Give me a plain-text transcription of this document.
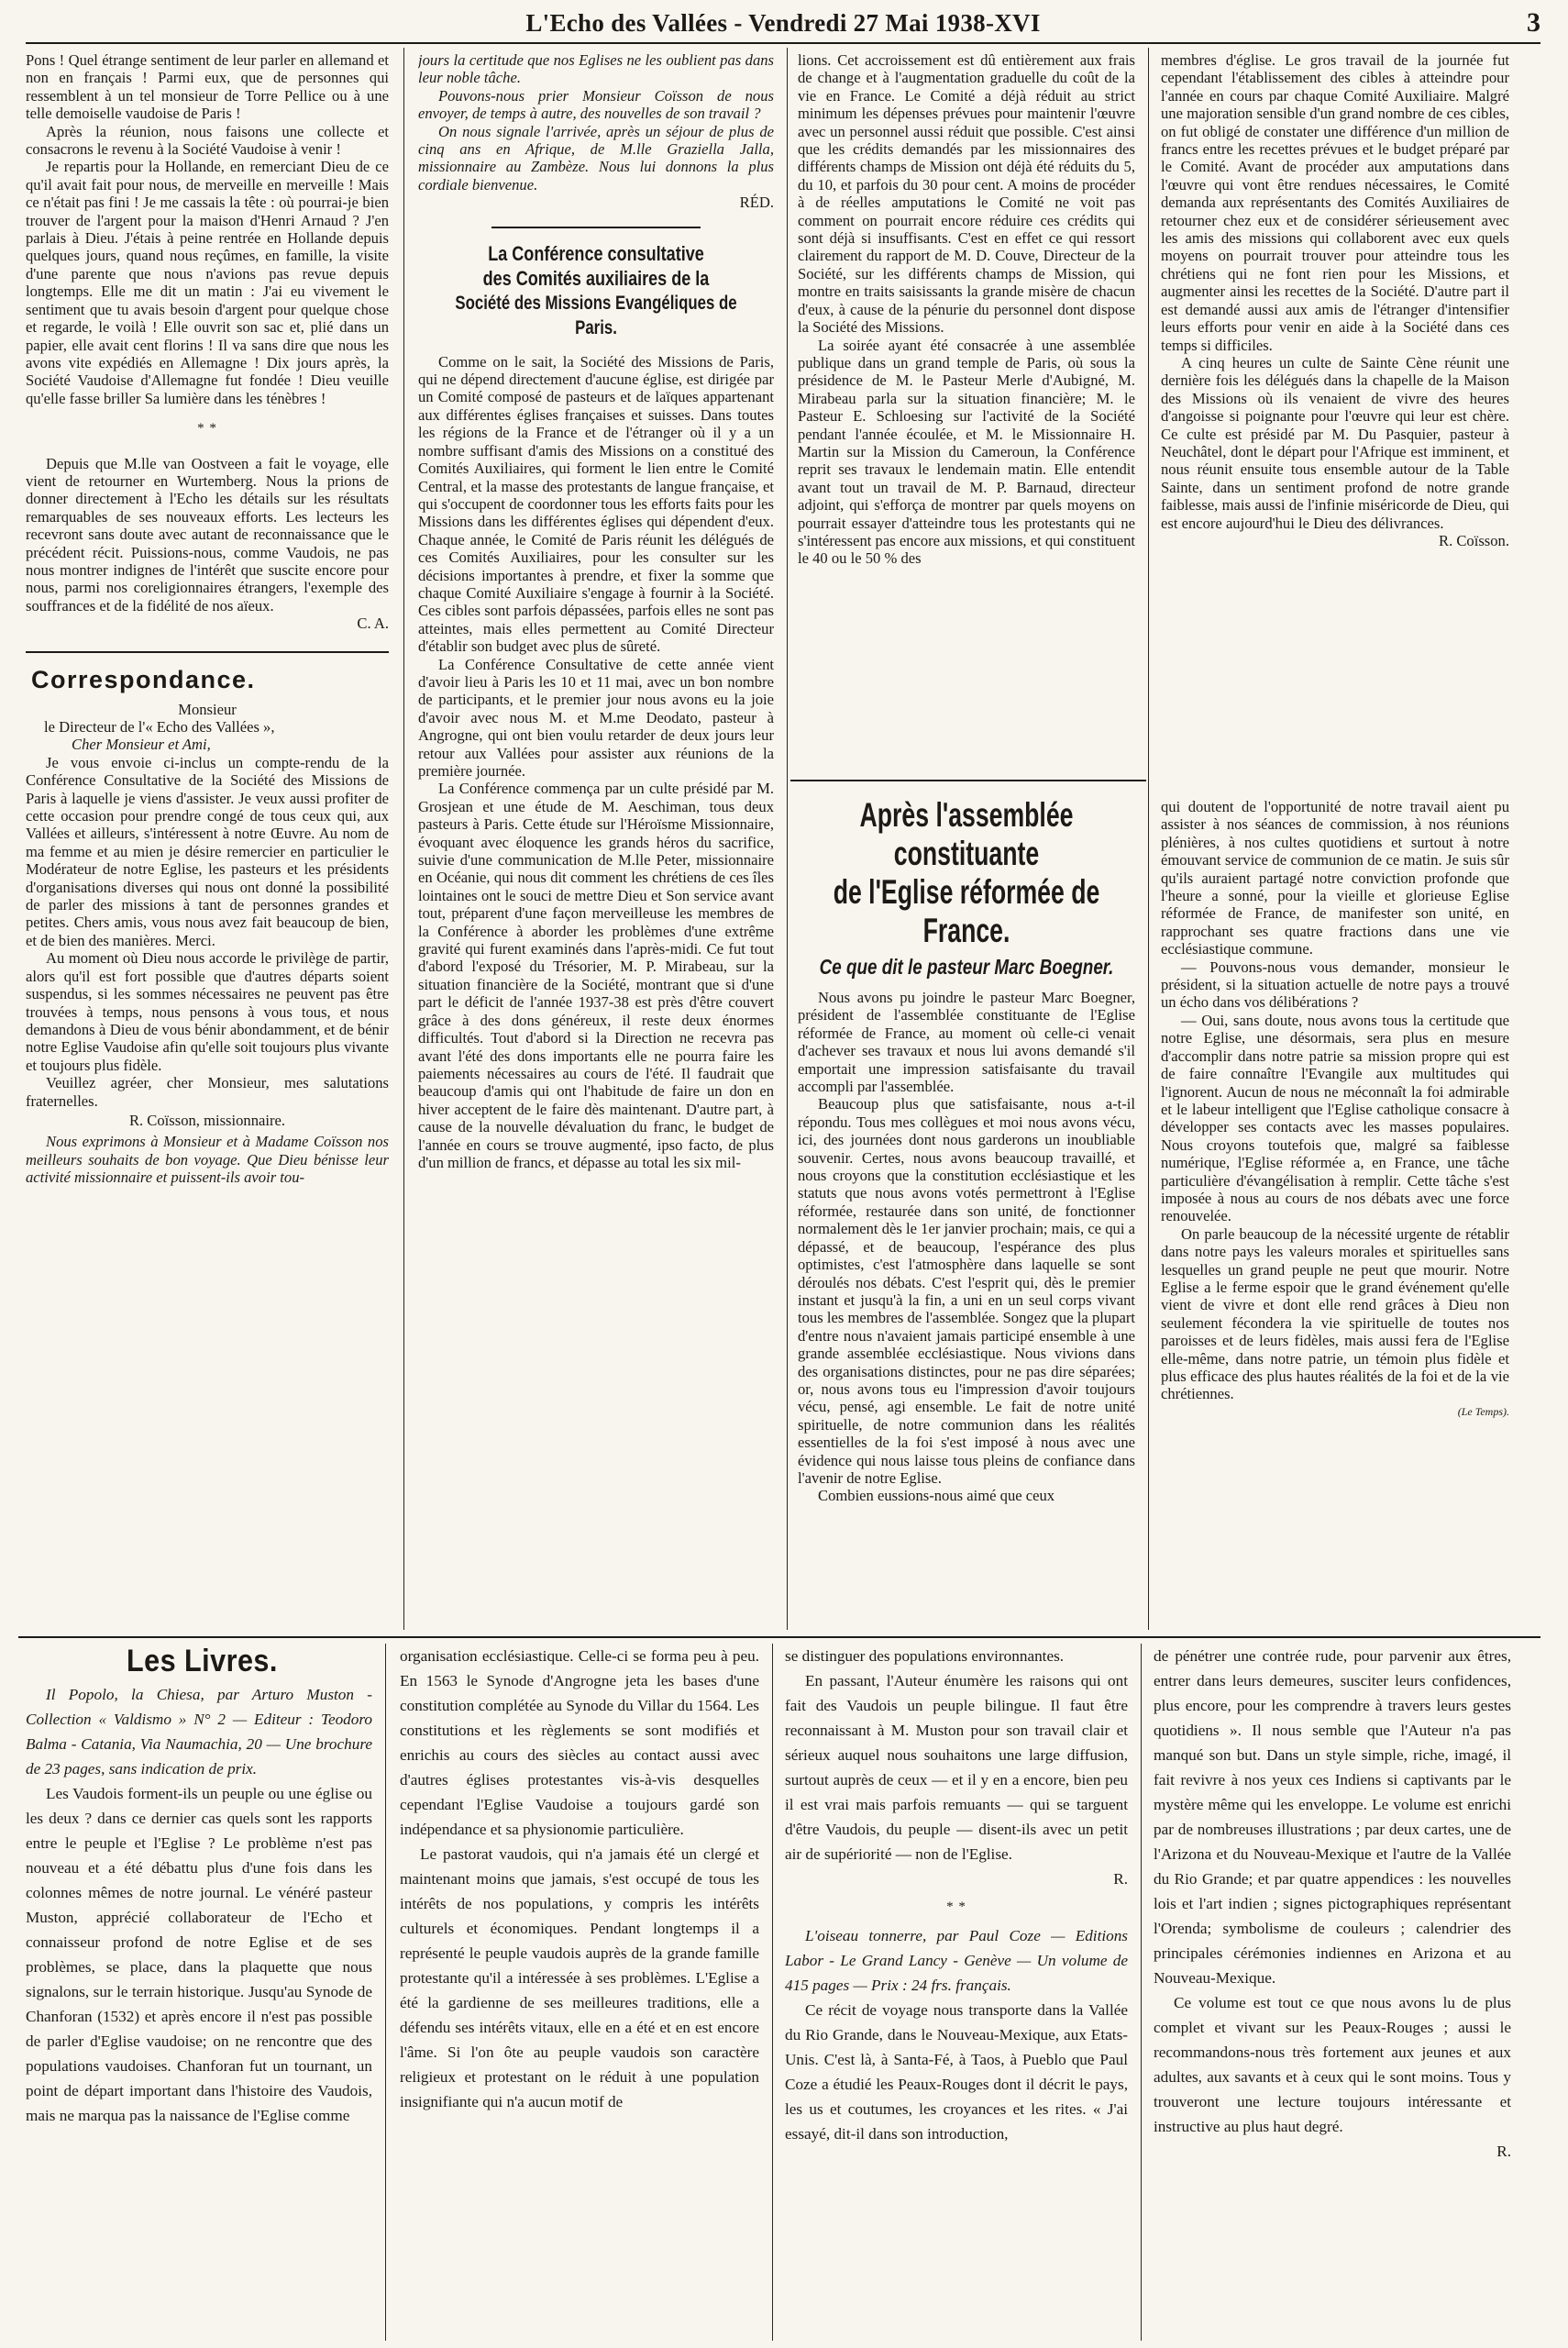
L'Echo des Vallées - Vendredi 27 Mai 1938-XVI	3

Pons ! Quel étrange sentiment de leur parler en allemand et non en français ! Parmi eux, que de personnes qui ressemblent à un tel monsieur de Torre Pellice ou à une telle demoiselle vaudoise de Paris !

Après la réunion, nous faisons une collecte et consacrons le revenu à la Société Vaudoise à venir !

Je repartis pour la Hollande, en remerciant Dieu de ce qu'il avait fait pour nous, de merveille en merveille ! Mais ce n'était pas fini ! Je me cassais la tête : où pourrai-je bien trouver de l'argent pour la maison d'Henri Arnaud ? J'en parlais à Dieu. J'étais à peine rentrée en Hollande depuis quelques jours, quand nous reçûmes, en famille, la visite d'une parente que nous n'avions pas revue depuis longtemps. Elle me dit un matin : J'ai eu vivement le sentiment que tu avais besoin d'argent pour quelque chose et regarde, le voilà ! Elle ouvrit son sac et, plié dans un papier, elle avait cent florins ! Il va sans dire que nous les avons vite expédiés en Allemagne ! Dix jours après, la Société Vaudoise d'Allemagne fut fondée ! Dieu veuille qu'elle fasse briller Sa lumière dans les ténèbres !

* *

Depuis que M.lle van Oostveen a fait le voyage, elle vient de retourner en Wurtemberg. Nous la prions de donner directement à l'Echo les détails sur les résultats remarquables de ses nouveaux efforts. Les lecteurs les recevront sans doute avec autant de reconnaissance que le précédent récit. Puissions-nous, comme Vaudois, ne pas nous montrer indignes de l'intérêt que suscite encore pour nous, parmi nos coreligionnaires étrangers, l'exemple des souffrances et de la fidélité de nos aïeux.

C. A.

Correspondance.

Monsieur

le Directeur de l'« Echo des Vallées »,

Cher Monsieur et Ami,

Je vous envoie ci-inclus un compte-rendu de la Conférence Consultative de la Société des Missions de Paris à laquelle je viens d'assister. Je veux aussi profiter de cette occasion pour prendre congé de tous ceux qui, aux Vallées et ailleurs, s'intéressent à notre Œuvre. Au nom de ma femme et au mien je désire remercier en particulier le Modérateur de notre Eglise, les pasteurs et les présidents d'organisations diverses qui nous ont donné la possibilité de parler des missions à tant de personnes grandes et petites. Chers amis, vous nous avez fait beaucoup de bien, et de bien des manières. Merci.

Au moment où Dieu nous accorde le privilège de partir, alors qu'il est fort possible que d'autres départs soient suspendus, si les sommes nécessaires ne peuvent pas être trouvées à temps, nous pensons à vous tous, et nous demandons à Dieu de vous bénir abondamment, et de bénir notre Eglise Vaudoise afin qu'elle soit toujours plus vivante et toujours plus fidèle.

Veuillez agréer, cher Monsieur, mes salutations fraternelles.

R. Coïsson, missionnaire.

Nous exprimons à Monsieur et à Madame Coïsson nos meilleurs souhaits de bon voyage. Que Dieu bénisse leur activité missionnaire et puissent-ils avoir tou-

jours la certitude que nos Eglises ne les oublient pas dans leur noble tâche.

Pouvons-nous prier Monsieur Coïsson de nous envoyer, de temps à autre, des nouvelles de son travail ?

On nous signale l'arrivée, après un séjour de plus de cinq ans en Afrique, de M.lle Graziella Jalla, missionnaire au Zambèze. Nous lui donnons la plus cordiale bienvenue.

RÉD.

La Conférence consultative
des Comités auxiliaires de la
Société des Missions Evangéliques de Paris.

Comme on le sait, la Société des Missions de Paris, qui ne dépend directement d'aucune église, est dirigée par un Comité composé de pasteurs et de laïques appartenant aux différentes églises françaises et suisses. Dans toutes les régions de la France et de l'étranger où il y a un nombre suffisant d'amis des Missions on a constitué des Comités Auxiliaires, qui forment le lien entre le Comité Central, et la masse des protestants de langue française, et qui s'occupent de coordonner tous les efforts faits pour les Missions dans les différentes églises qui dépendent d'eux. Chaque année, le Comité de Paris réunit les délégués de ces Comités Auxiliaires, pour les consulter sur les décisions importantes à prendre, et fixer la somme que chaque Comité Auxiliaire s'engage à fournir à la Société. Ces cibles sont parfois dépassées, parfois elles ne sont pas atteintes, mais elles permettent au Comité Directeur d'établir son budget avec plus de sûreté.

La Conférence Consultative de cette année vient d'avoir lieu à Paris les 10 et 11 mai, avec un bon nombre de participants, et le premier jour nous avons eu la joie d'avoir avec nous M. et M.me Deodato, pasteur à Angrogne, qui ont bien voulu retarder de deux jours leur retour aux Vallées pour assister aux réunions de la première journée.

La Conférence commença par un culte présidé par M. Grosjean et une étude de M. Aeschiman, tous deux pasteurs à Paris. Cette étude sur l'Héroïsme Missionnaire, évoquant avec éloquence les grands héros du sacrifice, suivie d'une communication de M.lle Peter, missionnaire en Océanie, qui nous dit comment les chrétiens de ces îles lointaines ont le souci de mettre Dieu et Son service avant tout, préparent d'une façon merveilleuse les membres de la Conférence à aborder les problèmes d'une extrême gravité qui furent examinés dans l'après-midi. Ce fut tout d'abord l'exposé du Trésorier, M. P. Mirabeau, sur la situation financière de la Société, montrant que si d'une part le déficit de l'année 1937-38 est près d'être couvert grâce à des dons généreux, il reste deux énormes difficultés. Tout d'abord si la Direction ne recevra pas avant l'été des dons importants elle ne pourra faire les paiements nécessaires au cours de l'été. Il faudrait que beaucoup d'amis qui ont l'habitude de faire un don en hiver acceptent de le faire dès maintenant. D'autre part, à cause de la nouvelle dévaluation du franc, le budget de l'année en cours se trouve augmenté, ipso facto, de plus d'un million de francs, et dépasse au total les six mil-

lions. Cet accroissement est dû entièrement aux frais de change et à l'augmentation graduelle du coût de la vie en France. Le Comité a déjà réduit au strict minimum les dépenses prévues pour maintenir l'œuvre avec un personnel aussi réduit que possible. C'est ainsi que les crédits demandés par les missionnaires des différents champs de Mission ont déjà été réduits du 5, du 10, et parfois du 30 pour cent. A moins de procéder à de réelles amputations le Comité ne voit pas comment on pourrait encore réduire ces crédits qui sont déjà si insuffisants. C'est en effet ce qui ressort clairement du rapport de M. D. Couve, Directeur de la Société, sur les différents champs de Mission, qui montre en traits saisissants la grande misère de chacun d'eux, à cause de la pénurie du personnel dont dispose la Société des Missions.

La soirée ayant été consacrée à une assemblée publique dans un grand temple de Paris, où sous la présidence de M. le Pasteur Merle d'Aubigné, M. Mirabeau parla sur la situation financière; M. le Pasteur E. Schloesing sur l'activité de la Société pendant l'année écoulée, et M. le Missionnaire H. Martin sur la Mission du Cameroun, la Conférence reprit ses travaux le lendemain matin. Elle entendit avant tout un travail de M. P. Barnaud, directeur adjoint, qui s'efforça de montrer par quels moyens on pourrait essayer d'atteindre tous les protestants qui ne s'intéressent pas encore aux missions, et qui constituent le 40 ou le 50 % des

membres d'église. Le gros travail de la journée fut cependant l'établissement des cibles à atteindre pour l'année en cours par chaque Comité Auxiliaire. Malgré une majoration sensible d'un grand nombre de ces cibles, on fut obligé de constater une différence d'un million de francs entre les recettes prévues et le budget préparé par le Comité. Avant de procéder aux amputations dans l'œuvre qui vont être rendues nécessaires, le Comité demanda aux représentants des Comités Auxiliaires de retourner chez eux et de considérer sérieusement avec les amis des missions qui collaborent avec eux quels moyens on pourrait trouver pour atteindre tous les chrétiens qui ne font rien pour les Missions, et augmenter ainsi les recettes de la Société. D'autre part il est demandé aussi aux amis de l'étranger d'intensifier leurs efforts pour venir en aide à la Société dans ces temps si difficiles.

A cinq heures un culte de Sainte Cène réunit une dernière fois les délégués dans la chapelle de la Maison des Missions où ils venaient de vivre des heures d'angoisse si poignante pour l'œuvre qui leur est chère. Ce culte est présidé par M. Du Pasquier, pasteur à Neuchâtel, dont le départ pour l'Afrique est imminent, et nous réunit ensuite tous ensemble autour de la Table Sainte, dans un sentiment profond de notre grande faiblesse, mais aussi de l'infinie miséricorde de Dieu, qui est encore aujourd'hui le Dieu des délivrances.

R. Coïsson.

Après l'assemblée constituante
de l'Eglise réformée de France.
Ce que dit le pasteur Marc Boegner.

Nous avons pu joindre le pasteur Marc Boegner, président de l'assemblée constituante de l'Eglise réformée de France, au moment où celle-ci venait d'achever ses travaux et nous lui avons demandé s'il emportait une impression satisfaisante du travail accompli par l'assemblée.

Beaucoup plus que satisfaisante, nous a-t-il répondu. Tous mes collègues et moi nous avons vécu, ici, des journées dont nous garderons un inoubliable souvenir. Certes, nous avons beaucoup travaillé, et nous croyons que la constitution ecclésiastique et les statuts que nous avons votés permettront à l'Eglise réformée, restaurée dans son unité, de fonctionner normalement dès le 1er janvier prochain; mais, ce qui a dépassé, et de beaucoup, l'espérance des plus optimistes, c'est l'atmosphère dans laquelle se sont déroulés nos débats. C'est l'esprit qui, dès le premier instant et jusqu'à la fin, a uni en un seul corps vivant tous les membres de l'assemblée. Songez que la plupart d'entre nous n'avaient jamais participé ensemble à une grande assemblée ecclésiastique. Nous vivions dans des organisations distinctes, pour ne pas dire séparées; or, nous avons tous eu l'impression d'avoir toujours vécu, pensé, agi ensemble. Le fait de notre unité spirituelle, de notre communion dans les réalités essentielles de la foi s'est imposé à nous avec une évidence qui nous laisse tous pleins de confiance dans l'avenir de notre Eglise.

Combien eussions-nous aimé que ceux

qui doutent de l'opportunité de notre travail aient pu assister à nos séances de commission, à nos réunions plénières, à nos cultes quotidiens et surtout à notre émouvant service de communion de ce matin. Je suis sûr qu'ils auraient partagé notre conviction profonde que l'heure a sonné, pour la vieille et glorieuse Eglise réformée de France, de manifester son unité, en rapprochant ses quatre fractions dans une vie ecclésiastique commune.

— Pouvons-nous vous demander, monsieur le président, si la situation actuelle de notre pays a trouvé un écho dans vos délibérations ?

— Oui, sans doute, nous avons tous la certitude que notre Eglise, une désormais, sera plus en mesure d'accomplir dans notre patrie sa mission propre qui est de faire connaître l'Evangile aux multitudes qui l'ignorent. Aucun de nous ne méconnaît la foi admirable et le labeur intelligent que l'Eglise catholique consacre à développer ses contacts avec les masses populaires. Nous croyons toutefois que, malgré sa faiblesse numérique, l'Eglise réformée a, en France, une tâche particulière d'évangélisation à remplir. Cette tâche s'est imposée à nous au cours de nos débats avec une force renouvelée.

On parle beaucoup de la nécessité urgente de rétablir dans notre pays les valeurs morales et spirituelles sans lesquelles un grand peuple ne peut que mourir. Notre Eglise a le ferme espoir que le grand événement qu'elle vient de vivre et dont elle rend grâces à Dieu non seulement fécondera la vie spirituelle de toutes nos paroisses et de leurs fidèles, mais aussi fera de l'Eglise elle-même, dans notre patrie, un témoin plus fidèle et plus efficace des plus hautes réalités de la foi et de la vie chrétiennes.

(Le Temps).

Les Livres.

Il Popolo, la Chiesa, par Arturo Muston - Collection « Valdismo » N° 2 — Editeur : Teodoro Balma - Catania, Via Naumachia, 20 — Une brochure de 23 pages, sans indication de prix.

Les Vaudois forment-ils un peuple ou une église ou les deux ? dans ce dernier cas quels sont les rapports entre le peuple et l'Eglise ? Le problème n'est pas nouveau et a été débattu plus d'une fois dans les colonnes mêmes de notre journal. Le vénéré pasteur Muston, apprécié collaborateur de l'Echo et connaisseur profond de notre Eglise et de ses problèmes, se place, dans la plaquette que nous signalons, sur le terrain historique. Jusqu'au Synode de Chanforan (1532) et après encore il n'est pas possible de parler d'Eglise vaudoise; on ne rencontre que des populations vaudoises. Chanforan fut un tournant, un point de départ important dans l'histoire des Vaudois, mais ne marqua pas la naissance de l'Eglise comme

organisation ecclésiastique. Celle-ci se forma peu à peu. En 1563 le Synode d'Angrogne jeta les bases d'une constitution complétée au Synode du Villar du 1564. Les constitutions et les règlements se sont modifiés et enrichis au cours des siècles au contact aussi avec d'autres églises protestantes vis-à-vis desquelles cependant l'Eglise Vaudoise a toujours gardé son indépendance et sa physionomie particulière.

Le pastorat vaudois, qui n'a jamais été un clergé et maintenant moins que jamais, s'est occupé de tous les intérêts de nos populations, y compris les intérêts culturels et économiques. Pendant longtemps il a représenté le peuple vaudois auprès de la grande famille protestante qu'il a intéressée à ses problèmes. L'Eglise a été la gardienne de ses meilleures traditions, elle a défendu ses intérêts vitaux, elle en a été et en est encore l'âme. Si l'on ôte au peuple vaudois son caractère religieux et protestant on le réduit à une population insignifiante qui n'a aucun motif de

se distinguer des populations environnantes.

En passant, l'Auteur énumère les raisons qui ont fait des Vaudois un peuple bilingue. Il faut être reconnaissant à M. Muston pour son travail clair et sérieux auquel nous souhaitons une large diffusion, surtout auprès de ceux — et il y en a encore, bien peu il est vrai mais parfois remuants — qui se targuent d'être Vaudois, du peuple — disent-ils avec un petit air de supériorité — non de l'Eglise.

R.

* *

L'oiseau tonnerre, par Paul Coze — Editions Labor - Le Grand Lancy - Genève — Un volume de 415 pages — Prix : 24 frs. français.

Ce récit de voyage nous transporte dans la Vallée du Rio Grande, dans le Nouveau-Mexique, aux Etats-Unis. C'est là, à Santa-Fé, à Taos, à Pueblo que Paul Coze a étudié les Peaux-Rouges dont il décrit le pays, les us et coutumes, les croyances et les rites. « J'ai essayé, dit-il dans son introduction,

de pénétrer une contrée rude, pour parvenir aux êtres, entrer dans leurs demeures, susciter leurs confidences, plus encore, pour les comprendre à travers leurs gestes quotidiens ». Il nous semble que l'Auteur n'a pas manqué son but. Dans un style simple, riche, imagé, il fait revivre à nos yeux ces Indiens si captivants par le mystère même qui les enveloppe. Le volume est enrichi par de nombreuses illustrations ; par deux cartes, une de l'Arizona et du Nouveau-Mexique et l'autre de la Vallée du Rio Grande; et par quatre appendices : les nouvelles lois et l'art indien ; signes pictographiques représentant l'Orenda; symbolisme de couleurs ; calendrier des principales cérémonies indiennes en Arizona et au Nouveau-Mexique.

Ce volume est tout ce que nous avons lu de plus complet et vivant sur les Peaux-Rouges ; aussi le recommandons-nous très fortement aux jeunes et aux adultes, aux savants et à ceux qui le sont moins. Tous y trouveront une lecture toujours intéressante et instructive au plus haut degré.

R.
